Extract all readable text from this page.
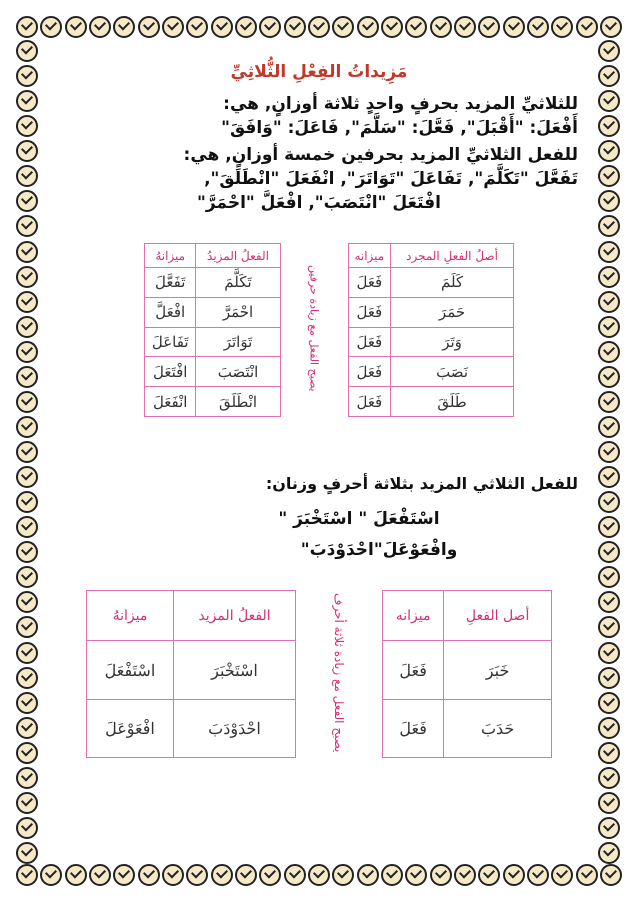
مَزِيداتُ الفِعْلِ الثُّلاثِيِّ
للثلاثيِّ المزيد بحرفٍ واحدٍ ثلاثة أوزانٍ, هي:
أَفْعَلَ: "أَقْبَلَ", فَعَّلَ: "سَلَّمَ", فَاعَلَ: "وَافَقَ"
للفعل الثلاثيِّ المزيد بحرفين خمسة أوزانٍ, هي:
تَفَعَّلَ "تَكَلَّمَ", تَفَاعَلَ "تَوَاتَرَ", انْفَعَلَ "انْطَلَقَ",
افْتَعَلَ "انْتَصَبَ", افْعَلَّ "احْمَرَّ"
أصلُ الفعلِ المجرد	ميزانه	يصبح الفعل مع زيادة حرفين	الفعلُ المزيدُ	ميزانهُ
كَلَمَ	فَعَلَ		تَكَلَّمَ	تَفَعَّلَ
حَمَرَ	فَعَلَ		احْمَرَّ	افْعَلَّ
وَتَرَ	فَعَلَ		تَوَاتَرَ	تَفَاعَلَ
نَصَبَ	فَعَلَ		انْتَصَبَ	افْتَعَلَ
طَلَقَ	فَعَلَ		انْطَلَقَ	انْفَعَلَ
للفعل الثلاثي المزيد بثلاثة أحرفٍ وزنان:
اسْتَفْعَلَ " اسْتَخْبَرَ "
وافْعَوْعَلَ"احْدَوْدَبَ"
أصل الفعلِ	ميزانه	يصبح الفعل مع زيادة ثلاثة أحرف	الفعلُ المزيد	ميزانهُ
خَبَرَ	فَعَلَ		اسْتَخْبَرَ	اسْتَفْعَلَ
حَدَبَ	فَعَلَ		احْدَوْدَبَ	افْعَوْعَلَ
